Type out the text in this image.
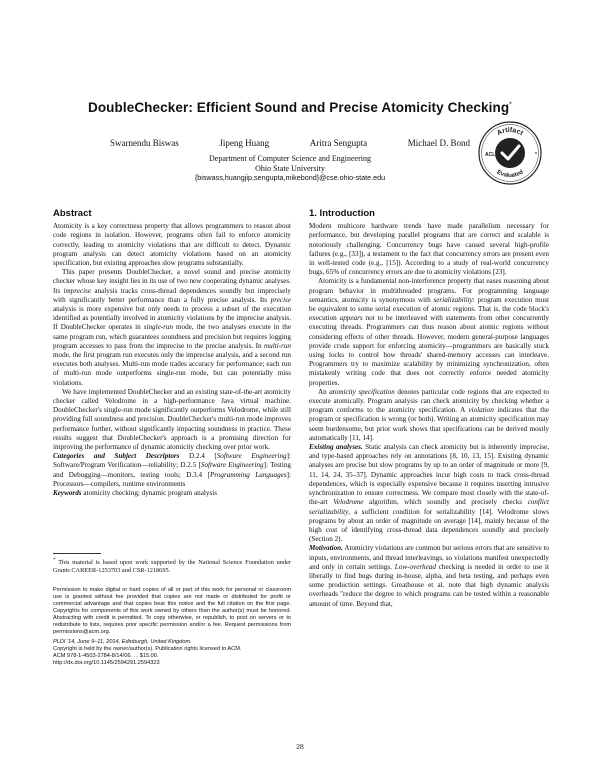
DoubleChecker: Efficient Sound and Precise Atomicity Checking*
Swarnendu Biswas	Jipeng Huang	Aritra Sengupta	Michael D. Bond
Department of Computer Science and Engineering
Ohio State University
{biswass,huangjip,sengupta,mikebond}@cse.ohio-state.edu
Artifact
ACL	*
Evaluated
Abstract

Atomicity is a key correctness property that allows programmers to reason about code regions in isolation. However, programs often fail to enforce atomicity correctly, leading to atomicity violations that are difficult to detect. Dynamic program analysis can detect atomicity violations based on an atomicity specification, but existing approaches slow programs substantially.

This paper presents DoubleChecker, a novel sound and precise atomicity checker whose key insight lies in its use of two new cooperating dynamic analyses. Its imprecise analysis tracks cross-thread dependences soundly but imprecisely with significantly better performance than a fully precise analysis. Its precise analysis is more expensive but only needs to process a subset of the execution identified as potentially involved in atomicity violations by the imprecise analysis. If DoubleChecker operates in single-run mode, the two analyses execute in the same program run, which guarantees soundness and precision but requires logging program accesses to pass from the imprecise to the precise analysis. In multi-run mode, the first program run executes only the imprecise analysis, and a second run executes both analyses. Multi-run mode trades accuracy for performance; each run of multi-run mode outperforms single-run mode, but can potentially miss violations.

We have implemented DoubleChecker and an existing state-of-the-art atomicity checker called Velodrome in a high-performance Java virtual machine. DoubleChecker's single-run mode significantly outperforms Velodrome, while still providing full soundness and precision. DoubleChecker's multi-run mode improves performance further, without significantly impacting soundness in practice. These results suggest that DoubleChecker's approach is a promising direction for improving the performance of dynamic atomicity checking over prior work.

Categories and Subject Descriptors D.2.4 [Software Engineering]: Software/Program Verification—reliability; D.2.5 [Software Engineering]: Testing and Debugging—monitors, testing tools; D.3.4 [Programming Languages]: Processors—compilers, runtime environments

Keywords atomicity checking; dynamic program analysis

* This material is based upon work supported by the National Science Foundation under Grants CAREER-1253703 and CSR-1218695.

Permission to make digital or hard copies of all or part of this work for personal or classroom use is granted without fee provided that copies are not made or distributed for profit or commercial advantage and that copies bear this notice and the full citation on the first page. Copyrights for components of this work owned by others than the author(s) must be honored. Abstracting with credit is permitted. To copy otherwise, or republish, to post on servers or to redistribute to lists, requires prior specific permission and/or a fee. Request permissions from permissions@acm.org.

PLDI '14, June 9–11, 2014, Edinburgh, United Kingdom.

Copyright is held by the owner/author(s). Publication rights licensed to ACM.

ACM 978-1-4503-2784-8/14/06. . . $15.00.

http://dx.doi.org/10.1145/2594291.2594323

1. Introduction

Modern multicore hardware trends have made parallelism necessary for performance, but developing parallel programs that are correct and scalable is notoriously challenging. Concurrency bugs have caused several high-profile failures (e.g., [33]), a testament to the fact that concurrency errors are present even in well-tested code (e.g., [15]). According to a study of real-world concurrency bugs, 65% of concurrency errors are due to atomicity violations [23].

Atomicity is a fundamental non-interference property that eases reasoning about program behavior in multithreaded programs. For programming language semantics, atomicity is synonymous with serializability: program execution must be equivalent to some serial execution of atomic regions. That is, the code block's execution appears not to be interleaved with statements from other concurrently executing threads. Programmers can thus reason about atomic regions without considering effects of other threads. However, modern general-purpose languages provide crude support for enforcing atomicity—programmers are basically stuck using locks to control how threads' shared-memory accesses can interleave. Programmers try to maximize scalability by minimizing synchronization, often mistakenly writing code that does not correctly enforce needed atomicity properties.

An atomicity specification denotes particular code regions that are expected to execute atomically. Program analysis can check atomicity by checking whether a program conforms to the atomicity specification. A violation indicates that the program or specification is wrong (or both). Writing an atomicity specification may seem burdensome, but prior work shows that specifications can be derived mostly automatically [11, 14].

Existing analyses. Static analysis can check atomicity but is inherently imprecise, and type-based approaches rely on annotations [8, 10, 13, 15]. Existing dynamic analyses are precise but slow programs by up to an order of magnitude or more [9, 11, 14, 24, 35–37]. Dynamic approaches incur high costs to track cross-thread dependences, which is especially expensive because it requires inserting intrusive synchronization to ensure correctness. We compare most closely with the state-of-the-art Velodrome algorithm, which soundly and precisely checks conflict serializability, a sufficient condition for serializability [14]. Velodrome slows programs by about an order of magnitude on average [14], mainly because of the high cost of identifying cross-thread data dependences soundly and precisely (Section 2).

Motivation. Atomicity violations are common but serious errors that are sensitive to inputs, environments, and thread interleavings, so violations manifest unexpectedly and only in certain settings. Low-overhead checking is needed in order to use it liberally to find bugs during in-house, alpha, and beta testing, and perhaps even some production settings. Greathouse et al. note that high dynamic analysis overheads "reduce the degree to which programs can be tested within a reasonable amount of time. Beyond that,

28
